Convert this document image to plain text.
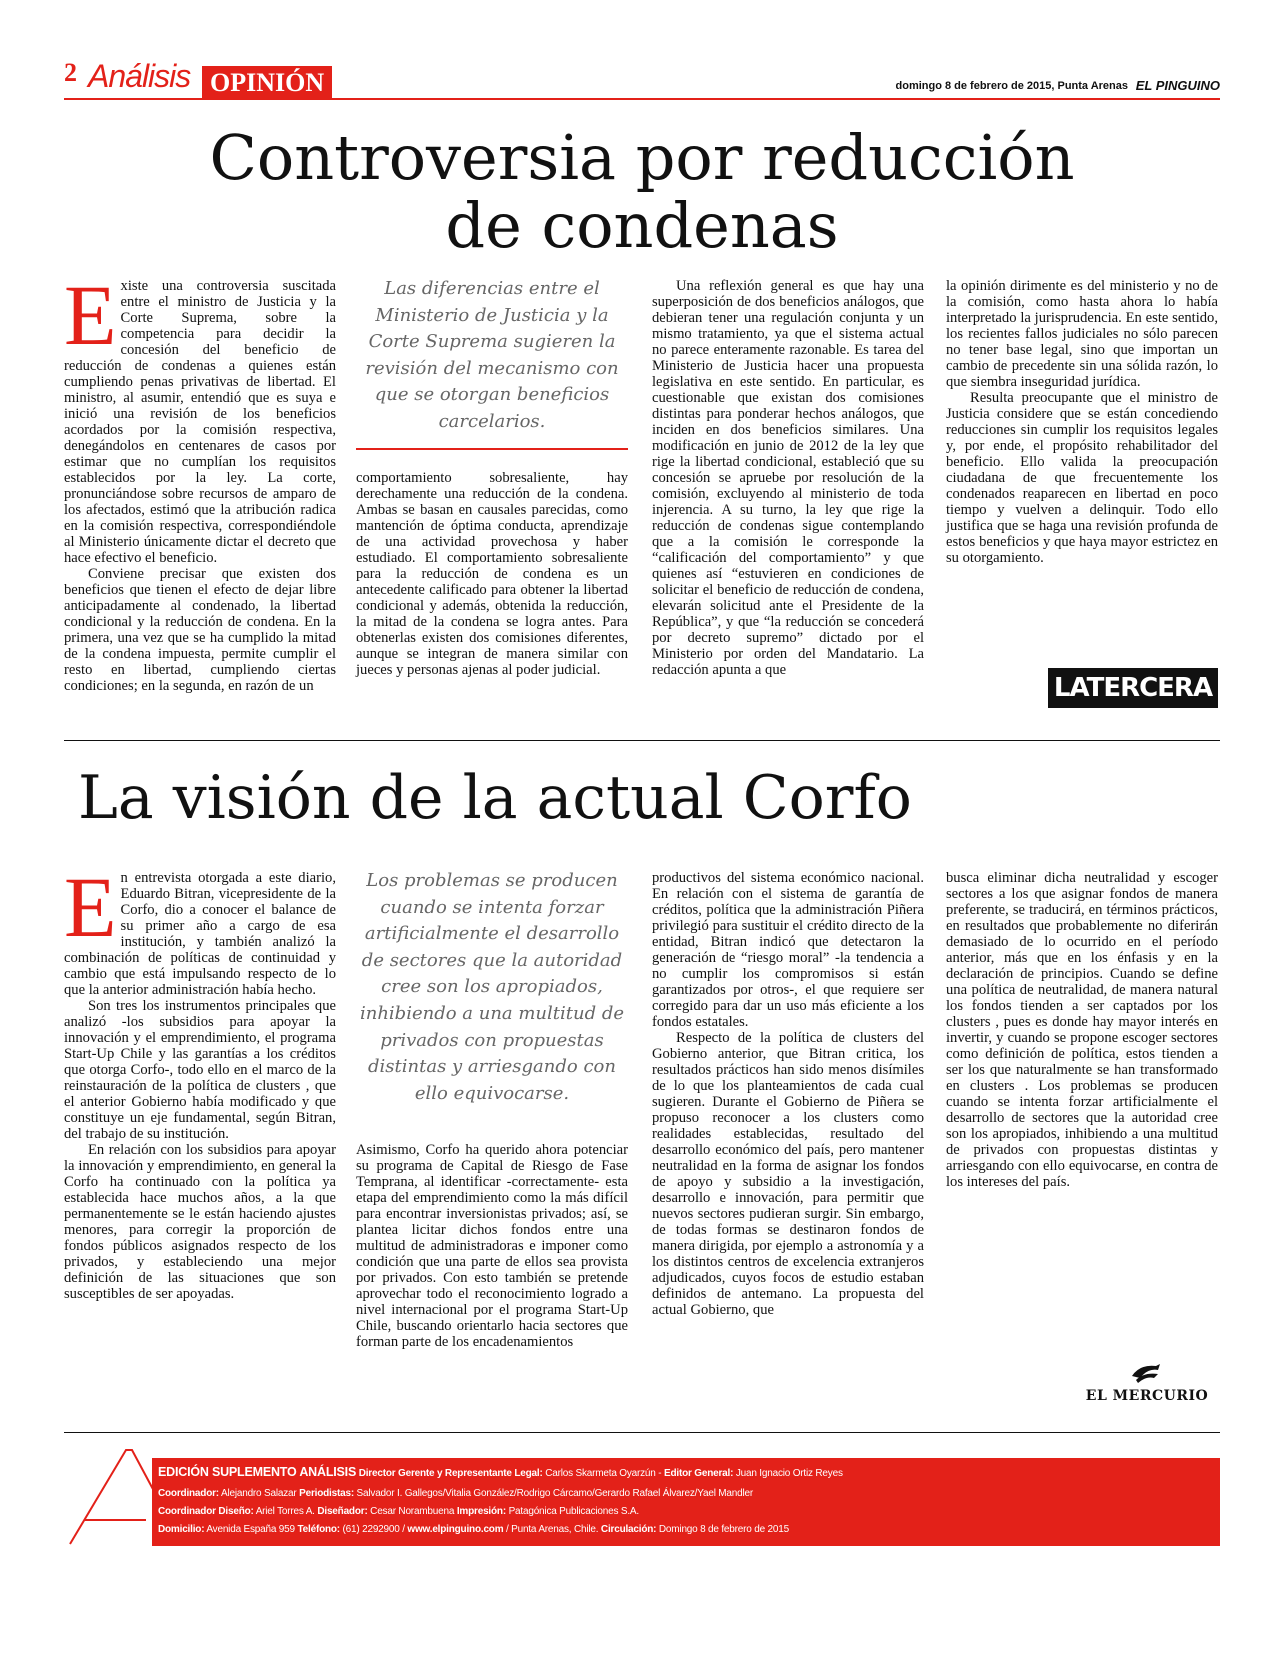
2 Análisis OPINIÓN	domingo 8 de febrero de 2015, Punta Arenas EL PINGUINO
Controversia por reducción
de condenas

Existe una controversia suscitada entre el ministro de Justicia y la Corte Suprema, sobre la competencia para decidir la concesión del beneficio de reducción de condenas a quienes están cumpliendo penas privativas de libertad. El ministro, al asumir, entendió que es suya e inició una revisión de los beneficios acordados por la comisión respectiva, denegándolos en centenares de casos por estimar que no cumplían los requisitos establecidos por la ley. La corte, pronunciándose sobre recursos de amparo de los afectados, estimó que la atribución radica en la comisión respectiva, correspondiéndole al Ministerio únicamente dictar el decreto que hace efectivo el beneficio.

Conviene precisar que existen dos beneficios que tienen el efecto de dejar libre anticipadamente al condenado, la libertad condicional y la reducción de condena. En la primera, una vez que se ha cumplido la mitad de la condena impuesta, permite cumplir el resto en libertad, cumpliendo ciertas condiciones; en la segunda, en razón de un

Las diferencias entre el Ministerio de Justicia y la Corte Suprema sugieren la revisión del mecanismo con que se otorgan beneficios carcelarios.

comportamiento sobresaliente, hay derechamente una reducción de la condena. Ambas se basan en causales parecidas, como mantención de óptima conducta, aprendizaje de una actividad provechosa y haber estudiado. El comportamiento sobresaliente para la reducción de condena es un antecedente calificado para obtener la libertad condicional y además, obtenida la reducción, la mitad de la condena se logra antes. Para obtenerlas existen dos comisiones diferentes, aunque se integran de manera similar con jueces y personas ajenas al poder judicial.

Una reflexión general es que hay una superposición de dos beneficios análogos, que debieran tener una regulación conjunta y un mismo tratamiento, ya que el sistema actual no parece enteramente razonable. Es tarea del Ministerio de Justicia hacer una propuesta legislativa en este sentido. En particular, es cuestionable que existan dos comisiones distintas para ponderar hechos análogos, que inciden en dos beneficios similares. Una modificación en junio de 2012 de la ley que rige la libertad condicional, estableció que su concesión se apruebe por resolución de la comisión, excluyendo al ministerio de toda injerencia. A su turno, la ley que rige la reducción de condenas sigue contemplando que a la comisión le corresponde la “calificación del comportamiento” y que quienes así “estuvieren en condiciones de solicitar el beneficio de reducción de condena, elevarán solicitud ante el Presidente de la República”, y que “la reducción se concederá por decreto supremo” dictado por el Ministerio por orden del Mandatario. La redacción apunta a que

la opinión dirimente es del ministerio y no de la comisión, como hasta ahora lo había interpretado la jurisprudencia. En este sentido, los recientes fallos judiciales no sólo parecen no tener base legal, sino que importan un cambio de precedente sin una sólida razón, lo que siembra inseguridad jurídica.

Resulta preocupante que el ministro de Justicia considere que se están concediendo reducciones sin cumplir los requisitos legales y, por ende, el propósito rehabilitador del beneficio. Ello valida la preocupación ciudadana de que frecuentemente los condenados reaparecen en libertad en poco tiempo y vuelven a delinquir. Todo ello justifica que se haga una revisión profunda de estos beneficios y que haya mayor estrictez en su otorgamiento.

LATERCERA
La visión de la actual Corfo

En entrevista otorgada a este diario, Eduardo Bitran, vicepresidente de la Corfo, dio a conocer el balance de su primer año a cargo de esa institución, y también analizó la combinación de políticas de continuidad y cambio que está impulsando respecto de lo que la anterior administración había hecho.

Son tres los instrumentos principales que analizó -los subsidios para apoyar la innovación y el emprendimiento, el programa Start-Up Chile y las garantías a los créditos que otorga Corfo-, todo ello en el marco de la reinstauración de la política de clusters , que el anterior Gobierno había modificado y que constituye un eje fundamental, según Bitran, del trabajo de su institución.

En relación con los subsidios para apoyar la innovación y emprendimiento, en general la Corfo ha continuado con la política ya establecida hace muchos años, a la que permanentemente se le están haciendo ajustes menores, para corregir la proporción de fondos públicos asignados respecto de los privados, y estableciendo una mejor definición de las situaciones que son susceptibles de ser apoyadas.

Los problemas se producen cuando se intenta forzar artificialmente el desarrollo de sectores que la autoridad cree son los apropiados, inhibiendo a una multitud de privados con propuestas distintas y arriesgando con ello equivocarse.

Asimismo, Corfo ha querido ahora potenciar su programa de Capital de Riesgo de Fase Temprana, al identificar -correctamente- esta etapa del emprendimiento como la más difícil para encontrar inversionistas privados; así, se plantea licitar dichos fondos entre una multitud de administradoras e imponer como condición que una parte de ellos sea provista por privados. Con esto también se pretende aprovechar todo el reconocimiento logrado a nivel internacional por el programa Start-Up Chile, buscando orientarlo hacia sectores que forman parte de los encadenamientos

productivos del sistema económico nacional. En relación con el sistema de garantía de créditos, política que la administración Piñera privilegió para sustituir el crédito directo de la entidad, Bitran indicó que detectaron la generación de “riesgo moral” -la tendencia a no cumplir los compromisos si están garantizados por otros-, el que requiere ser corregido para dar un uso más eficiente a los fondos estatales.

Respecto de la política de clusters del Gobierno anterior, que Bitran critica, los resultados prácticos han sido menos disímiles de lo que los planteamientos de cada cual sugieren. Durante el Gobierno de Piñera se propuso reconocer a los clusters como realidades establecidas, resultado del desarrollo económico del país, pero mantener neutralidad en la forma de asignar los fondos de apoyo y subsidio a la investigación, desarrollo e innovación, para permitir que nuevos sectores pudieran surgir. Sin embargo, de todas formas se destinaron fondos de manera dirigida, por ejemplo a astronomía y a los distintos centros de excelencia extranjeros adjudicados, cuyos focos de estudio estaban definidos de antemano. La propuesta del actual Gobierno, que

busca eliminar dicha neutralidad y escoger sectores a los que asignar fondos de manera preferente, se traducirá, en términos prácticos, en resultados que probablemente no diferirán demasiado de lo ocurrido en el período anterior, más que en los énfasis y en la declaración de principios. Cuando se define una política de neutralidad, de manera natural los fondos tienden a ser captados por los clusters , pues es donde hay mayor interés en invertir, y cuando se propone escoger sectores como definición de política, estos tienden a ser los que naturalmente se han transformado en clusters . Los problemas se producen cuando se intenta forzar artificialmente el desarrollo de sectores que la autoridad cree son los apropiados, inhibiendo a una multitud de privados con propuestas distintas y arriesgando con ello equivocarse, en contra de los intereses del país.

EL MERCURIO
EDICIÓN SUPLEMENTO ANÁLISIS Director Gerente y Representante Legal: Carlos Skarmeta Oyarzún - Editor General: Juan Ignacio Ortiz Reyes
Coordinador: Alejandro Salazar Periodistas: Salvador I. Gallegos/Vitalia González/Rodrigo Cárcamo/Gerardo Rafael Álvarez/Yael Mandler
Coordinador Diseño: Ariel Torres A. Diseñador: Cesar Norambuena Impresión: Patagónica Publicaciones S.A.
Domicilio: Avenida España 959 Teléfono: (61) 2292900 / www.elpinguino.com / Punta Arenas, Chile. Circulación: Domingo 8 de febrero de 2015
